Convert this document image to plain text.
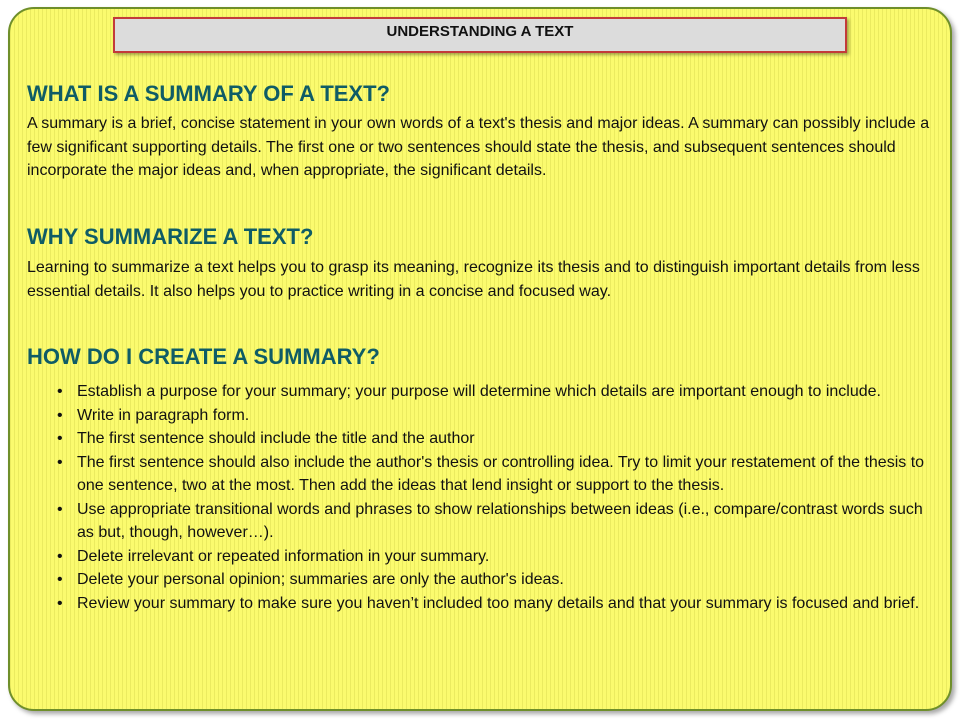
UNDERSTANDING A TEXT
WHAT IS A SUMMARY OF A TEXT?

A summary is a brief, concise statement in your own words of a text's thesis and major ideas. A summary can possibly include a few significant supporting details. The first one or two sentences should state the thesis, and subsequent sentences should incorporate the major ideas and, when appropriate, the significant details.

WHY SUMMARIZE A TEXT?

Learning to summarize a text helps you to grasp its meaning, recognize its thesis and to distinguish important details from less essential details. It also helps you to practice writing in a concise and focused way.

HOW DO I CREATE A SUMMARY?
• Establish a purpose for your summary; your purpose will determine which details are important enough to include.
• Write in paragraph form.
• The first sentence should include the title and the author
• The first sentence should also include the author's thesis or controlling idea. Try to limit your restatement of the thesis to one sentence, two at the most. Then add the ideas that lend insight or support to the thesis.
• Use appropriate transitional words and phrases to show relationships between ideas (i.e., compare/contrast words such as but, though, however…).
• Delete irrelevant or repeated information in your summary.
• Delete your personal opinion; summaries are only the author's ideas.
• Review your summary to make sure you haven’t included too many details and that your summary is focused and brief.
